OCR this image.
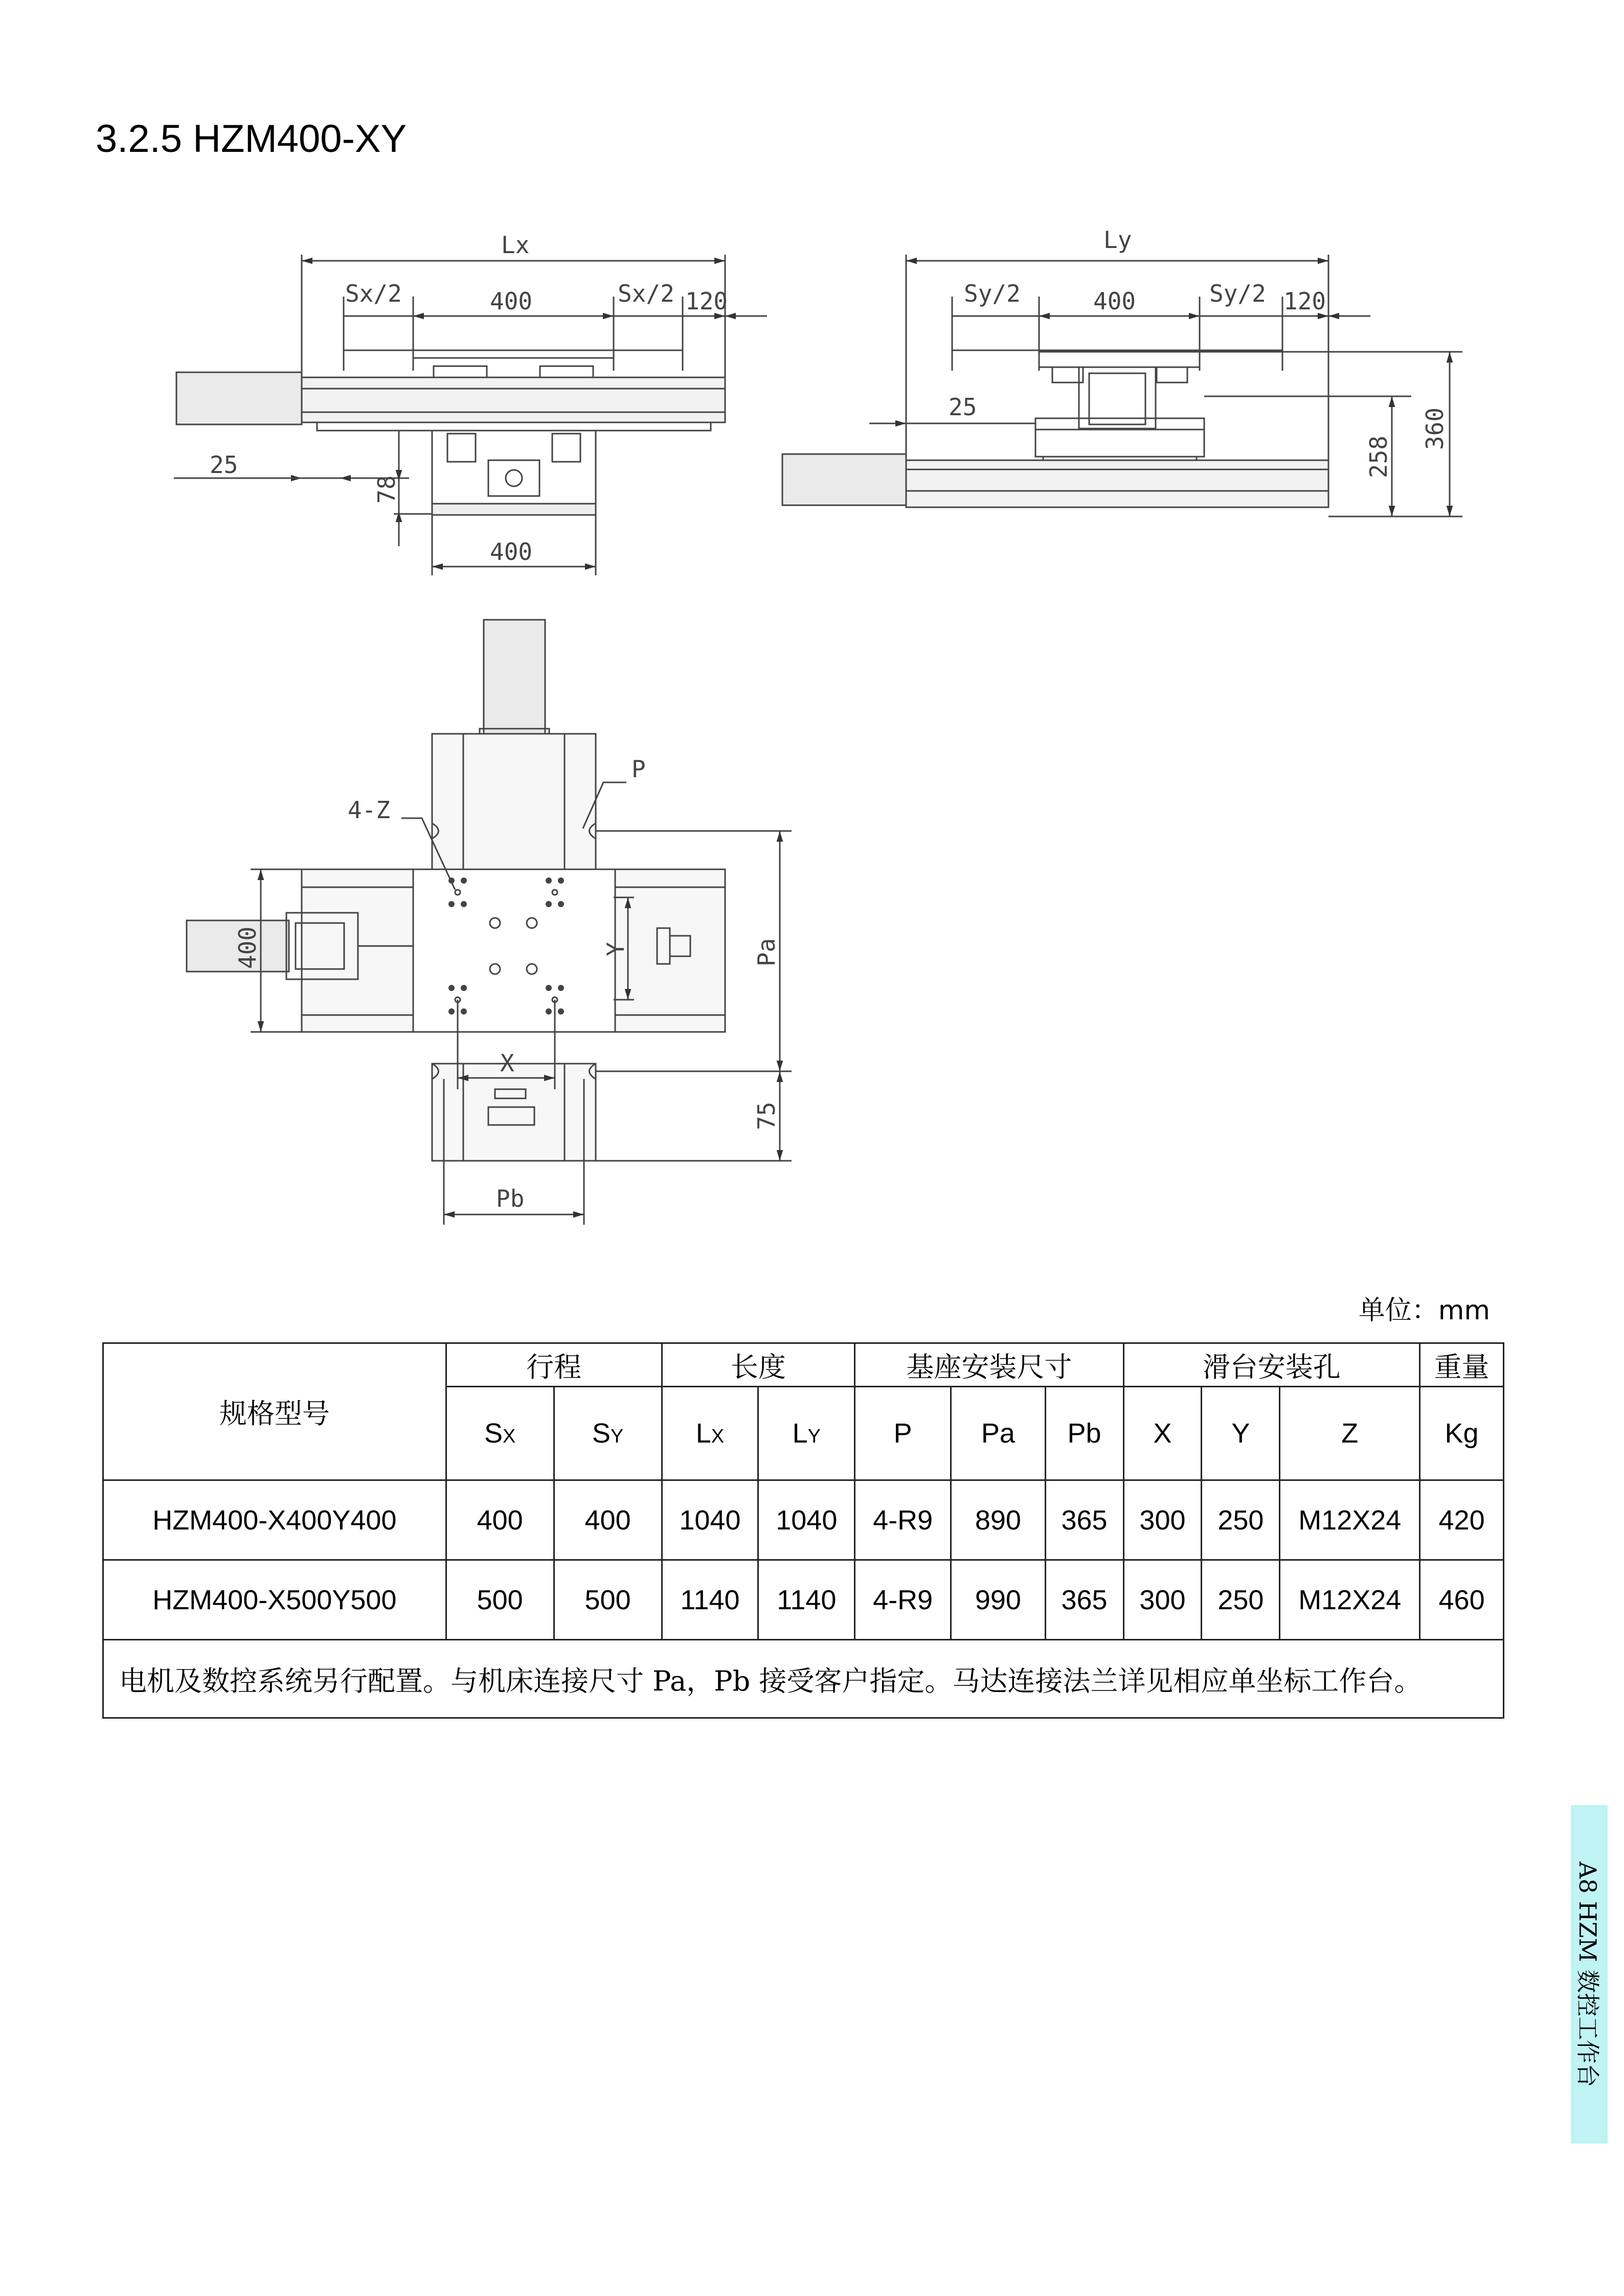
3.2.5 HZM400-XY
Lx
Sx/2	400	Sx/2 120
25
78
400
Ly
Sy/2	400	Sy/2 120
25
258
360
4-Z
P
400	Y	Pa
X
75
Pb
单位：mm
规格型号	行程		长度		基座安装尺寸			滑台安装孔			重量
	SX	SY	LX	LY	P	Pa	Pb	X	Y	Z	Kg
HZM400-X400Y400	400	400	1040	1040	4-R9	890	365	300	250	M12X24	420
HZM400-X500Y500	500	500	1140	1140	4-R9	990	365	300	250	M12X24	460
电机及数控系统另行配置。与机床连接尺寸 Pa，Pb 接受客户指定。马达连接法兰详见相应单坐标工作台。											
A8 HZM 数控工作台
